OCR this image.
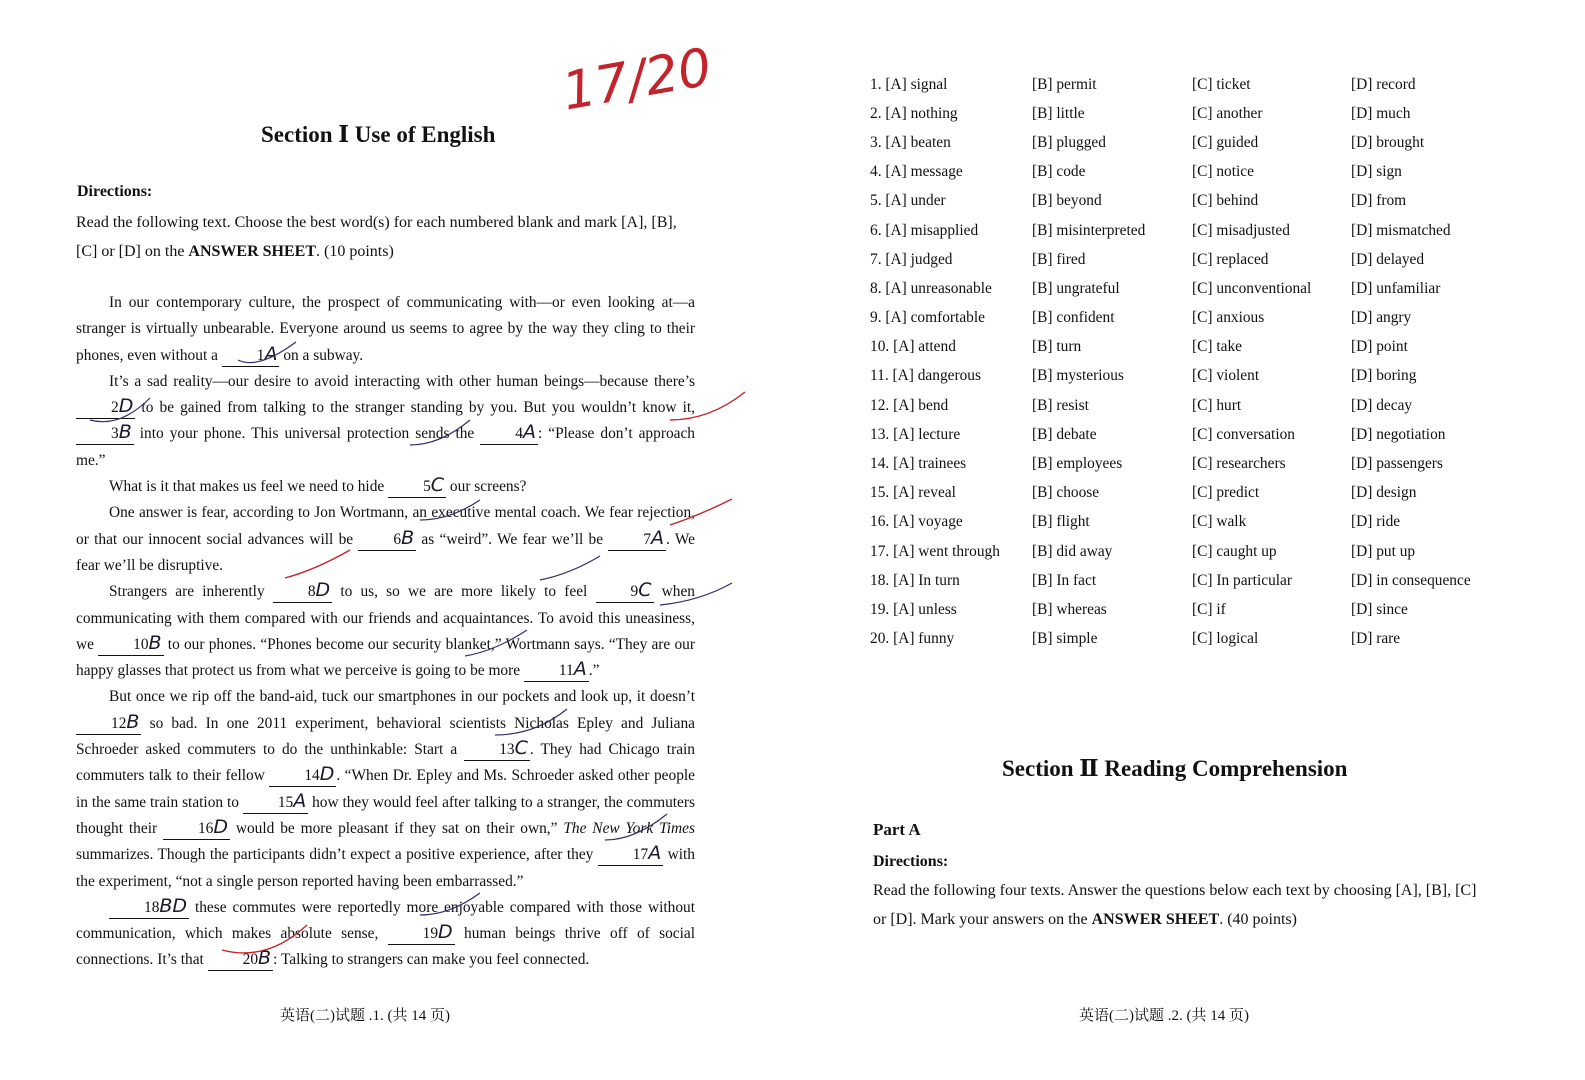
17/20
Section Ⅰ Use of English
Directions:
Read the following text. Choose the best word(s) for each numbered blank and mark [A], [B],
[C] or [D] on the ANSWER SHEET. (10 points)

In our contemporary culture, the prospect of communicating with—or even looking at—a stranger is virtually unbearable. Everyone around us seems to agree by the way they cling to their phones, even without a 1A on a subway.

It’s a sad reality—our desire to avoid interacting with other human beings—because there’s 2D to be gained from talking to the stranger standing by you. But you wouldn’t know it, 3B into your phone. This universal protection sends the 4A : “Please don’t approach me.”

What is it that makes us feel we need to hide 5C our screens?

One answer is fear, according to Jon Wortmann, an executive mental coach. We fear rejection, or that our innocent social advances will be 6B as “weird”. We fear we’ll be 7A . We fear we’ll be disruptive.

Strangers are inherently 8D to us, so we are more likely to feel 9C when communicating with them compared with our friends and acquaintances. To avoid this uneasiness, we 10B to our phones. “Phones become our security blanket,” Wortmann says. “They are our happy glasses that protect us from what we perceive is going to be more 11A .”

But once we rip off the band-aid, tuck our smartphones in our pockets and look up, it doesn’t 12B so bad. In one 2011 experiment, behavioral scientists Nicholas Epley and Juliana Schroeder asked commuters to do the unthinkable: Start a 13C . They had Chicago train commuters talk to their fellow 14D . “When Dr. Epley and Ms. Schroeder asked other people in the same train station to 15A how they would feel after talking to a stranger, the commuters thought their 16D would be more pleasant if they sat on their own,” The New York Times summarizes. Though the participants didn’t expect a positive experience, after they 17A with the experiment, “not a single person reported having been embarrassed.”

18BD these commutes were reportedly more enjoyable compared with those without communication, which makes absolute sense, 19D human beings thrive off of social connections. It’s that 20B : Talking to strangers can make you feel connected.

英语(二)试题 .1. (共 14 页)
1. [A] signal	[B] permit	[C] ticket	[D] record
2. [A] nothing	[B] little	[C] another	[D] much
3. [A] beaten	[B] plugged	[C] guided	[D] brought
4. [A] message	[B] code	[C] notice	[D] sign
5. [A] under	[B] beyond	[C] behind	[D] from
6. [A] misapplied	[B] misinterpreted	[C] misadjusted	[D] mismatched
7. [A] judged	[B] fired	[C] replaced	[D] delayed
8. [A] unreasonable	[B] ungrateful	[C] unconventional	[D] unfamiliar
9. [A] comfortable	[B] confident	[C] anxious	[D] angry
10. [A] attend	[B] turn	[C] take	[D] point
11. [A] dangerous	[B] mysterious	[C] violent	[D] boring
12. [A] bend	[B] resist	[C] hurt	[D] decay
13. [A] lecture	[B] debate	[C] conversation	[D] negotiation
14. [A] trainees	[B] employees	[C] researchers	[D] passengers
15. [A] reveal	[B] choose	[C] predict	[D] design
16. [A] voyage	[B] flight	[C] walk	[D] ride
17. [A] went through	[B] did away	[C] caught up	[D] put up
18. [A] In turn	[B] In fact	[C] In particular	[D] in consequence
19. [A] unless	[B] whereas	[C] if	[D] since
20. [A] funny	[B] simple	[C] logical	[D] rare
Section Ⅱ Reading Comprehension
Part A
Directions:
Read the following four texts. Answer the questions below each text by choosing [A], [B], [C]
or [D]. Mark your answers on the ANSWER SHEET. (40 points)
英语(二)试题 .2. (共 14 页)
